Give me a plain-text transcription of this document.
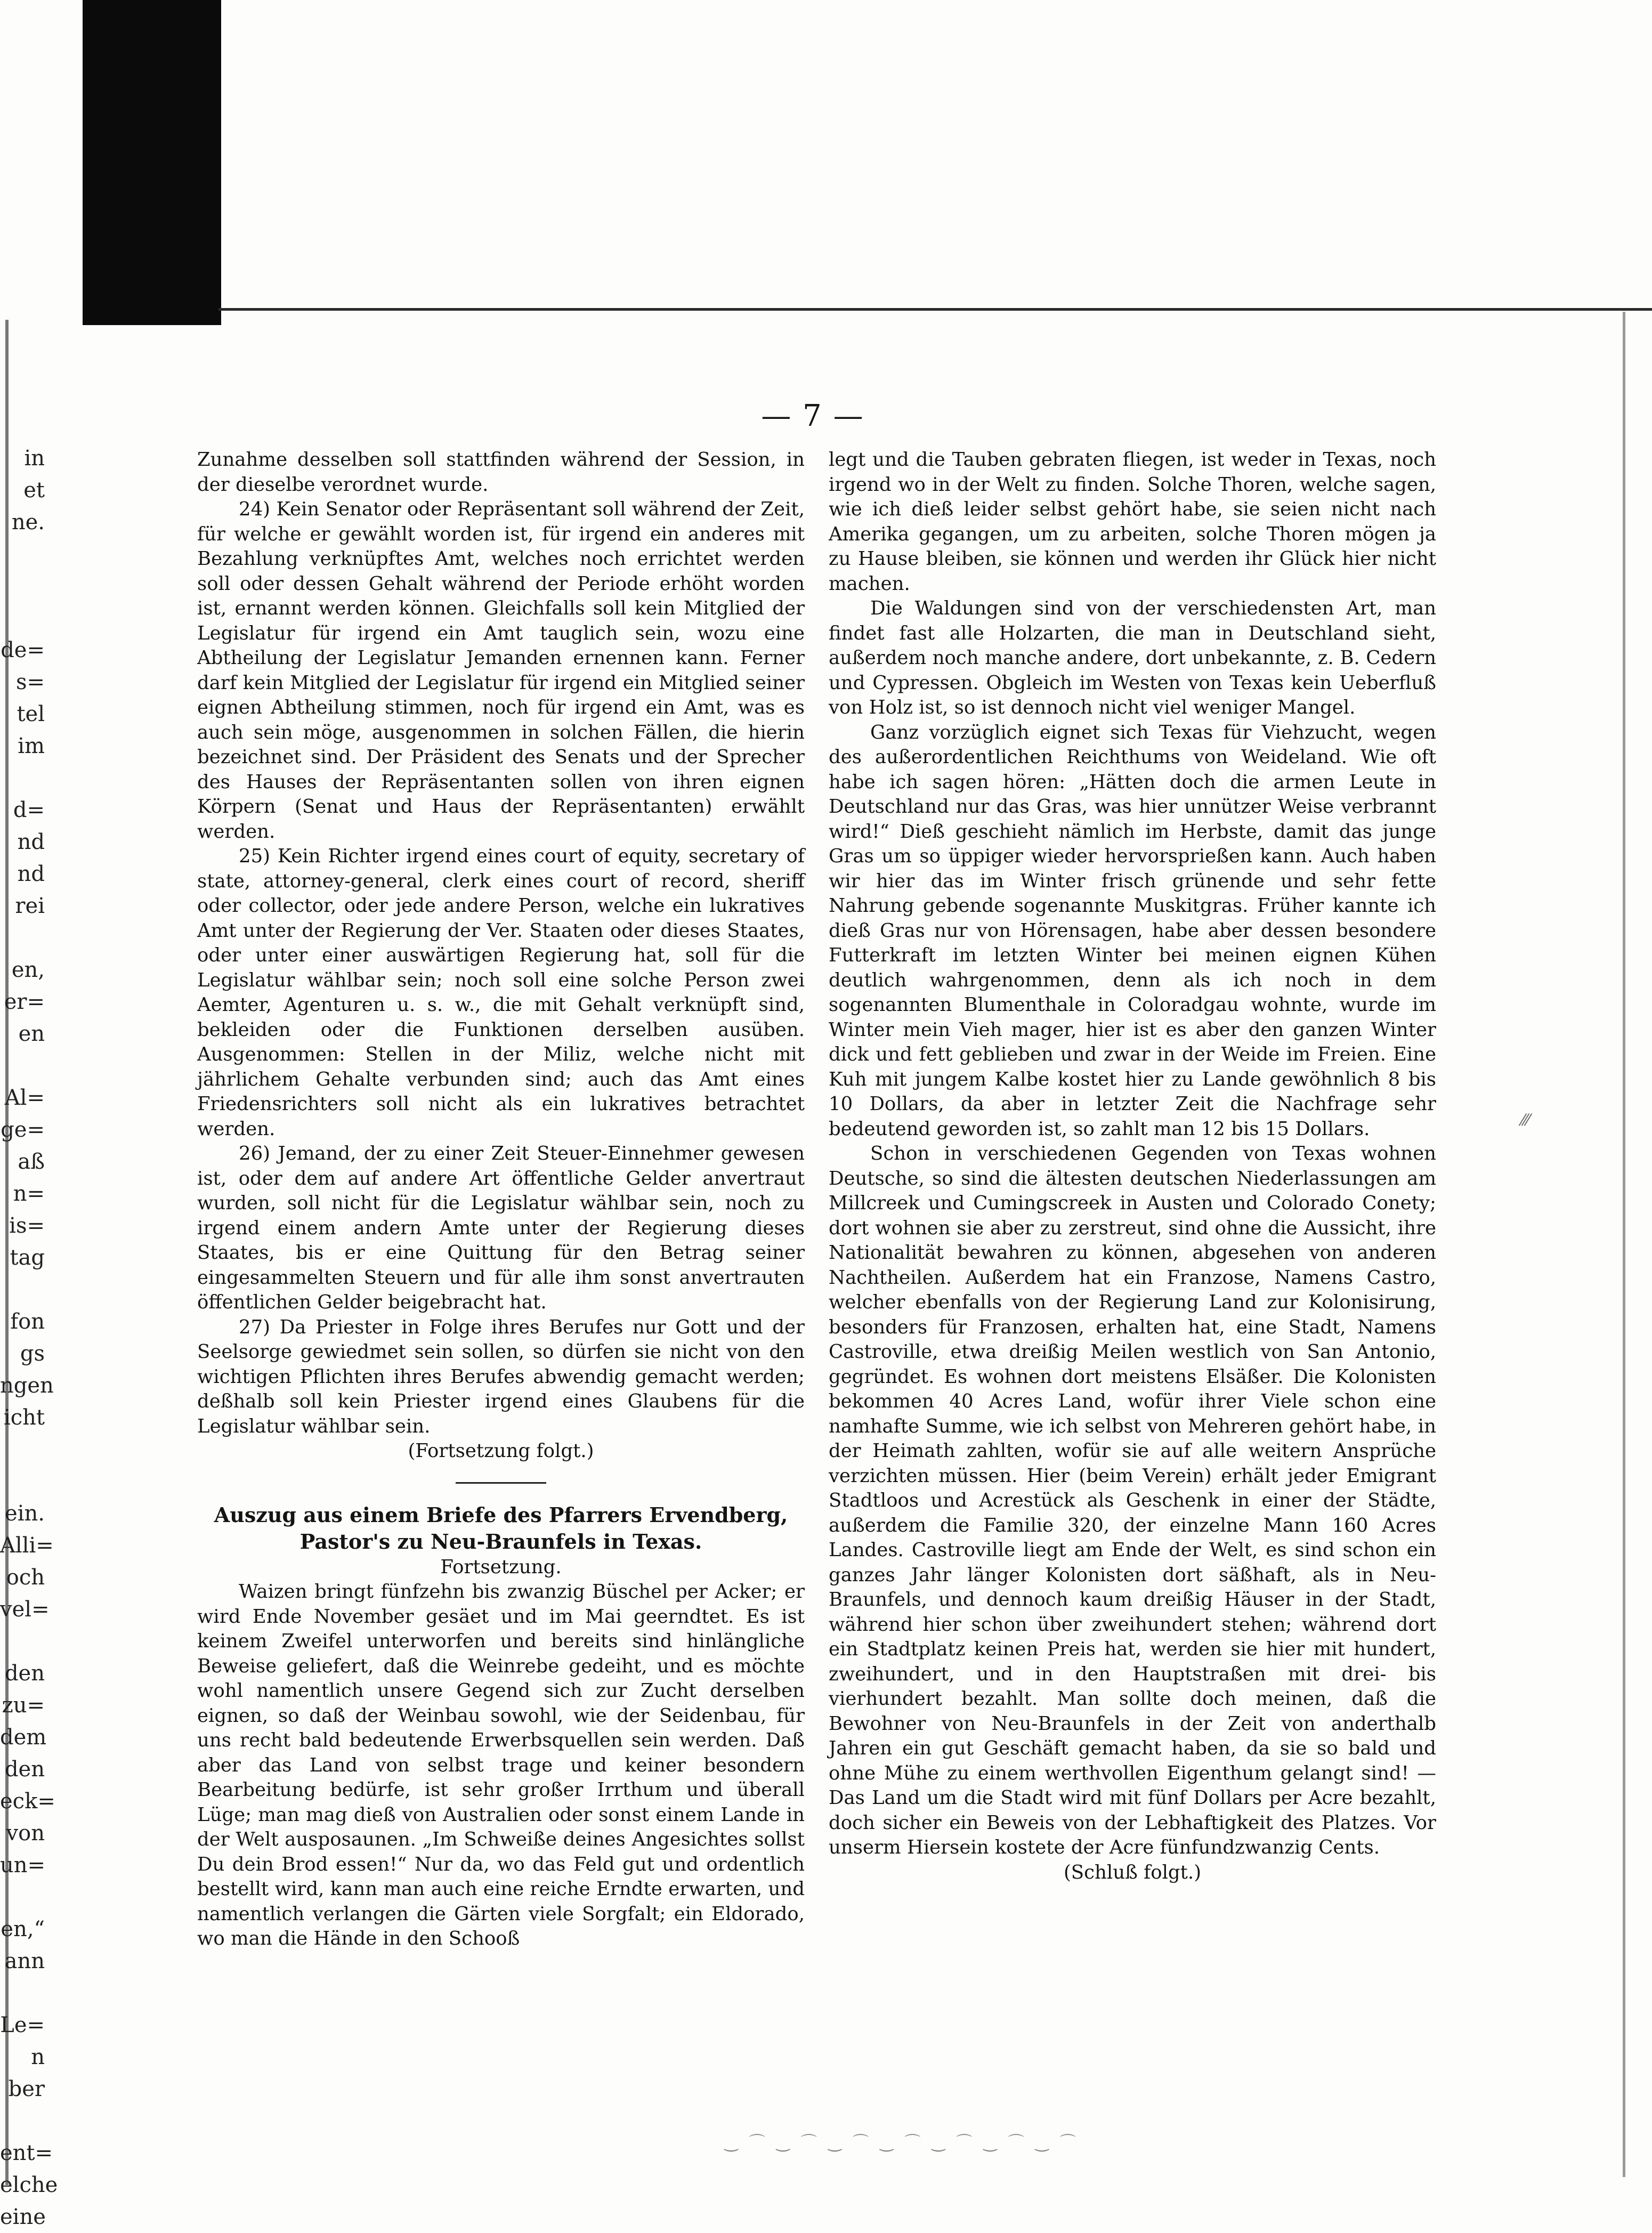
in
et
ne.
de=
s=
tel
im
d=
nd
nd
rei
en,
er=
en
Al=
ge=
aß
n=
is=
tag
fon
gs
ngen
icht
ein.
Alli=
och
vel=
den
zu=
dem
den
eck=
von
un=
en,“
ann
Le=
n
ber
ent=
elche
eine
— 7 —

Zunahme desselben soll stattfinden während der Session, in der dieselbe verordnet wurde.

24) Kein Senator oder Repräsentant soll während der Zeit, für welche er gewählt worden ist, für irgend ein anderes mit Bezahlung verknüpftes Amt, welches noch errichtet werden soll oder dessen Gehalt während der Periode erhöht worden ist, ernannt werden können. Gleichfalls soll kein Mitglied der Legislatur für irgend ein Amt tauglich sein, wozu eine Abtheilung der Legislatur Jemanden ernennen kann. Ferner darf kein Mitglied der Legislatur für irgend ein Mitglied seiner eignen Abtheilung stimmen, noch für irgend ein Amt, was es auch sein möge, ausgenommen in solchen Fällen, die hierin bezeichnet sind. Der Präsident des Senats und der Sprecher des Hauses der Repräsentanten sollen von ihren eignen Körpern (Senat und Haus der Repräsentanten) erwählt werden.

25) Kein Richter irgend eines court of equity, secretary of state, attorney-general, clerk eines court of record, sheriff oder collector, oder jede andere Person, welche ein lukratives Amt unter der Regierung der Ver. Staaten oder dieses Staates, oder unter einer auswärtigen Regierung hat, soll für die Legislatur wählbar sein; noch soll eine solche Person zwei Aemter, Agenturen u. s. w., die mit Gehalt verknüpft sind, bekleiden oder die Funktionen derselben ausüben. Ausgenommen: Stellen in der Miliz, welche nicht mit jährlichem Gehalte verbunden sind; auch das Amt eines Friedensrichters soll nicht als ein lukratives betrachtet werden.

26) Jemand, der zu einer Zeit Steuer-Einnehmer gewesen ist, oder dem auf andere Art öffentliche Gelder anvertraut wurden, soll nicht für die Legislatur wählbar sein, noch zu irgend einem andern Amte unter der Regierung dieses Staates, bis er eine Quittung für den Betrag seiner eingesammelten Steuern und für alle ihm sonst anvertrauten öffentlichen Gelder beigebracht hat.

27) Da Priester in Folge ihres Berufes nur Gott und der Seelsorge gewiedmet sein sollen, so dürfen sie nicht von den wichtigen Pflichten ihres Berufes abwendig gemacht werden; deßhalb soll kein Priester irgend eines Glaubens für die Legislatur wählbar sein.

(Fortsetzung folgt.)

Auszug aus einem Briefe des Pfarrers Ervendberg, Pastor's zu Neu-Braunfels in Texas.

Fortsetzung.

Waizen bringt fünfzehn bis zwanzig Büschel per Acker; er wird Ende November gesäet und im Mai geerndtet. Es ist keinem Zweifel unterworfen und bereits sind hinlängliche Beweise geliefert, daß die Weinrebe gedeiht, und es möchte wohl namentlich unsere Gegend sich zur Zucht derselben eignen, so daß der Weinbau sowohl, wie der Seidenbau, für uns recht bald bedeutende Erwerbsquellen sein werden. Daß aber das Land von selbst trage und keiner besondern Bearbeitung bedürfe, ist sehr großer Irrthum und überall Lüge; man mag dieß von Australien oder sonst einem Lande in der Welt ausposaunen. „Im Schweiße deines Angesichtes sollst Du dein Brod essen!“ Nur da, wo das Feld gut und ordentlich bestellt wird, kann man auch eine reiche Erndte erwarten, und namentlich verlangen die Gärten viele Sorgfalt; ein Eldorado, wo man die Hände in den Schooß

legt und die Tauben gebraten fliegen, ist weder in Texas, noch irgend wo in der Welt zu finden. Solche Thoren, welche sagen, wie ich dieß leider selbst gehört habe, sie seien nicht nach Amerika gegangen, um zu arbeiten, solche Thoren mögen ja zu Hause bleiben, sie können und werden ihr Glück hier nicht machen.

Die Waldungen sind von der verschiedensten Art, man findet fast alle Holzarten, die man in Deutschland sieht, außerdem noch manche andere, dort unbekannte, z. B. Cedern und Cypressen. Obgleich im Westen von Texas kein Ueberfluß von Holz ist, so ist dennoch nicht viel weniger Mangel.

Ganz vorzüglich eignet sich Texas für Viehzucht, wegen des außerordentlichen Reichthums von Weideland. Wie oft habe ich sagen hören: „Hätten doch die armen Leute in Deutschland nur das Gras, was hier unnützer Weise verbrannt wird!“ Dieß geschieht nämlich im Herbste, damit das junge Gras um so üppiger wieder hervorsprießen kann. Auch haben wir hier das im Winter frisch grünende und sehr fette Nahrung gebende sogenannte Muskitgras. Früher kannte ich dieß Gras nur von Hörensagen, habe aber dessen besondere Futterkraft im letzten Winter bei meinen eignen Kühen deutlich wahrgenommen, denn als ich noch in dem sogenannten Blumenthale in Coloradgau wohnte, wurde im Winter mein Vieh mager, hier ist es aber den ganzen Winter dick und fett geblieben und zwar in der Weide im Freien. Eine Kuh mit jungem Kalbe kostet hier zu Lande gewöhnlich 8 bis 10 Dollars, da aber in letzter Zeit die Nachfrage sehr bedeutend geworden ist, so zahlt man 12 bis 15 Dollars.

Schon in verschiedenen Gegenden von Texas wohnen Deutsche, so sind die ältesten deutschen Niederlassungen am Millcreek und Cumingscreek in Austen und Colorado Conety; dort wohnen sie aber zu zerstreut, sind ohne die Aussicht, ihre Nationalität bewahren zu können, abgesehen von anderen Nachtheilen. Außerdem hat ein Franzose, Namens Castro, welcher ebenfalls von der Regierung Land zur Kolonisirung, besonders für Franzosen, erhalten hat, eine Stadt, Namens Castroville, etwa dreißig Meilen westlich von San Antonio, gegründet. Es wohnen dort meistens Elsäßer. Die Kolonisten bekommen 40 Acres Land, wofür ihrer Viele schon eine namhafte Summe, wie ich selbst von Mehreren gehört habe, in der Heimath zahlten, wofür sie auf alle weitern Ansprüche verzichten müssen. Hier (beim Verein) erhält jeder Emigrant Stadtloos und Acrestück als Geschenk in einer der Städte, außerdem die Familie 320, der einzelne Mann 160 Acres Landes. Castroville liegt am Ende der Welt, es sind schon ein ganzes Jahr länger Kolonisten dort säßhaft, als in Neu-Braunfels, und dennoch kaum dreißig Häuser in der Stadt, während hier schon über zweihundert stehen; während dort ein Stadtplatz keinen Preis hat, werden sie hier mit hundert, zweihundert, und in den Hauptstraßen mit drei- bis vierhundert bezahlt. Man sollte doch meinen, daß die Bewohner von Neu-Braunfels in der Zeit von anderthalb Jahren ein gut Geschäft gemacht haben, da sie so bald und ohne Mühe zu einem werthvollen Eigenthum gelangt sind! — Das Land um die Stadt wird mit fünf Dollars per Acre bezahlt, doch sicher ein Beweis von der Lebhaftigkeit des Platzes. Vor unserm Hiersein kostete der Acre fünfundzwanzig Cents.

(Schluß folgt.)

⁄⁄⁄
‿ ⌒ ‿ ⌒ ‿ ⌒ ‿ ⌒ ‿ ⌒ ‿ ⌒ ‿ ⌒
